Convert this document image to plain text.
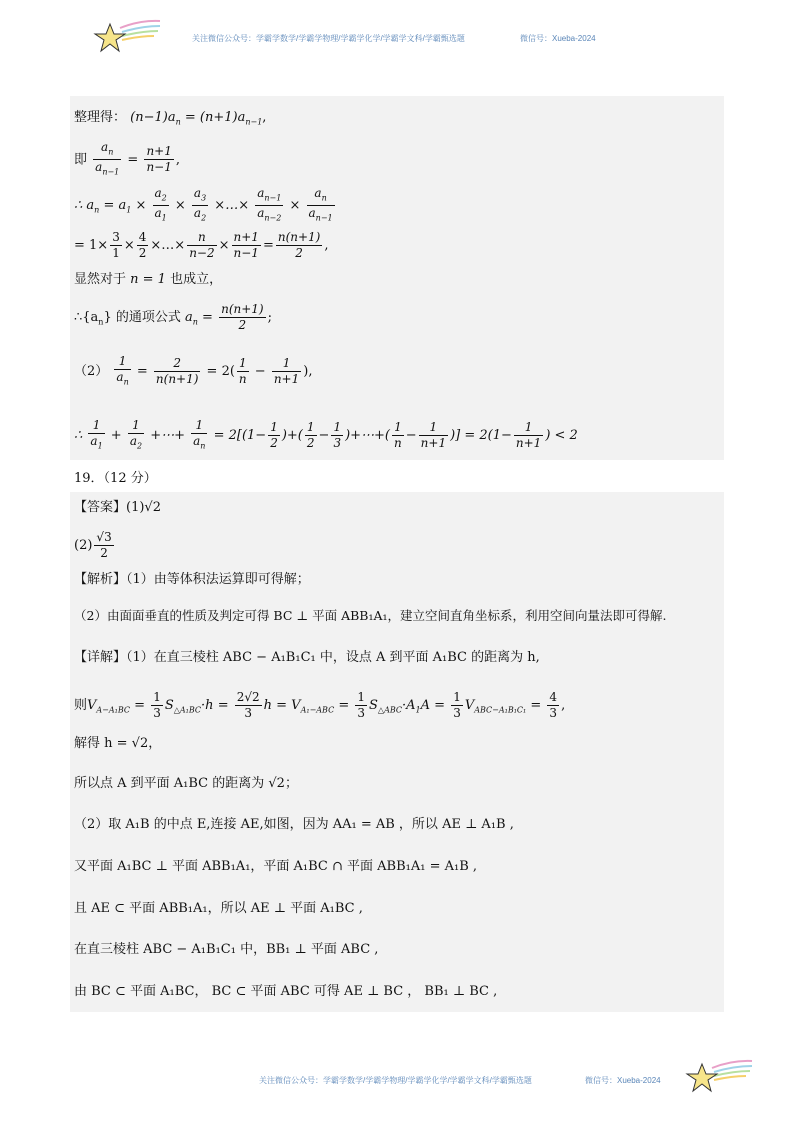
关注微信公众号：学霸学数学/学霸学物理/学霸学化学/学霸学文科/学霸甄选题	微信号：Xueba-2024
整理得： $(n-1)a_n = (n+1)a_{n-1}$,
即 $\frac{a_n}{a_{n-1}} = \frac{n+1}{n-1}$ ,
∴ $a_n = a_1 \times \frac{a_2}{a_1} \times \frac{a_3}{a_2}$ ×…× $\frac{a_{n-1}}{a_{n-2}} \times \frac{a_n}{a_{n-1}}$
= $1\times \frac{3}{1} \times \frac{4}{2}$ ×…× $\frac{n}{n-2} \times \frac{n+1}{n-1} = \frac{n(n+1)}{2}$ ,
显然对于 n = 1 也成立，
$\therefore\{a_n\}$ 的通项公式 $a_n = \frac{n(n+1)}{2}$ ;
$(2) \frac{1}{a_n} = \frac{2}{n(n+1)} = 2( \frac{1}{n} - \frac{1}{n+1}$ ),
∴ $\frac{1}{a_1} + \frac{1}{a_2}$ +⋯+ $\frac{1}{a_n} = 2[(1- \frac{1}{2}$ )+( $\frac{1}{2} - \frac{1}{3}$ )+⋯+( $\frac{1}{n} - \frac{1}{n+1}$ )] = $2(1- \frac{1}{n+1}$ ) < 2
19．（12 分）
【答案】(1)√2
$(2) \frac{√3}{2}$
【解析】（1）由等体积法运算即可得解；
（2）由面面垂直的性质及判定可得 BC ⊥ 平面 ABB₁A₁，建立空间直角坐标系，利用空间向量法即可得解.
【详解】（1）在直三棱柱 ABC − A₁B₁C₁ 中，设点 A 到平面 A₁BC 的距离为 h,
则$V_{A-A_1BC} = \frac{1}{3} S_{\triangle A_1BC}\cdot h = \frac{2√2}{3}$ $h = V_{A_1-ABC} = \frac{1}{3} S_{\triangle ABC}\cdot A_1A = \frac{1}{3} V_{ABC-A_1B_1C_1} = \frac{4}{3}$ ,
解得 h = √2，
所以点 A 到平面 A₁BC 的距离为 √2；
（2）取 A₁B 的中点 E,连接 AE,如图，因为 AA₁ = AB ，所以 AE ⊥ A₁B ,
又平面 A₁BC ⊥ 平面 ABB₁A₁，平面 A₁BC ∩ 平面 ABB₁A₁ = A₁B ,
且 AE ⊂ 平面 ABB₁A₁，所以 AE ⊥ 平面 A₁BC ,
在直三棱柱 ABC − A₁B₁C₁ 中，BB₁ ⊥ 平面 ABC ,
由 BC ⊂ 平面 A₁BC， BC ⊂ 平面 ABC 可得 AE ⊥ BC ， BB₁ ⊥ BC ,
关注微信公众号：学霸学数学/学霸学物理/学霸学化学/学霸学文科/学霸甄选题	微信号：Xueba-2024
